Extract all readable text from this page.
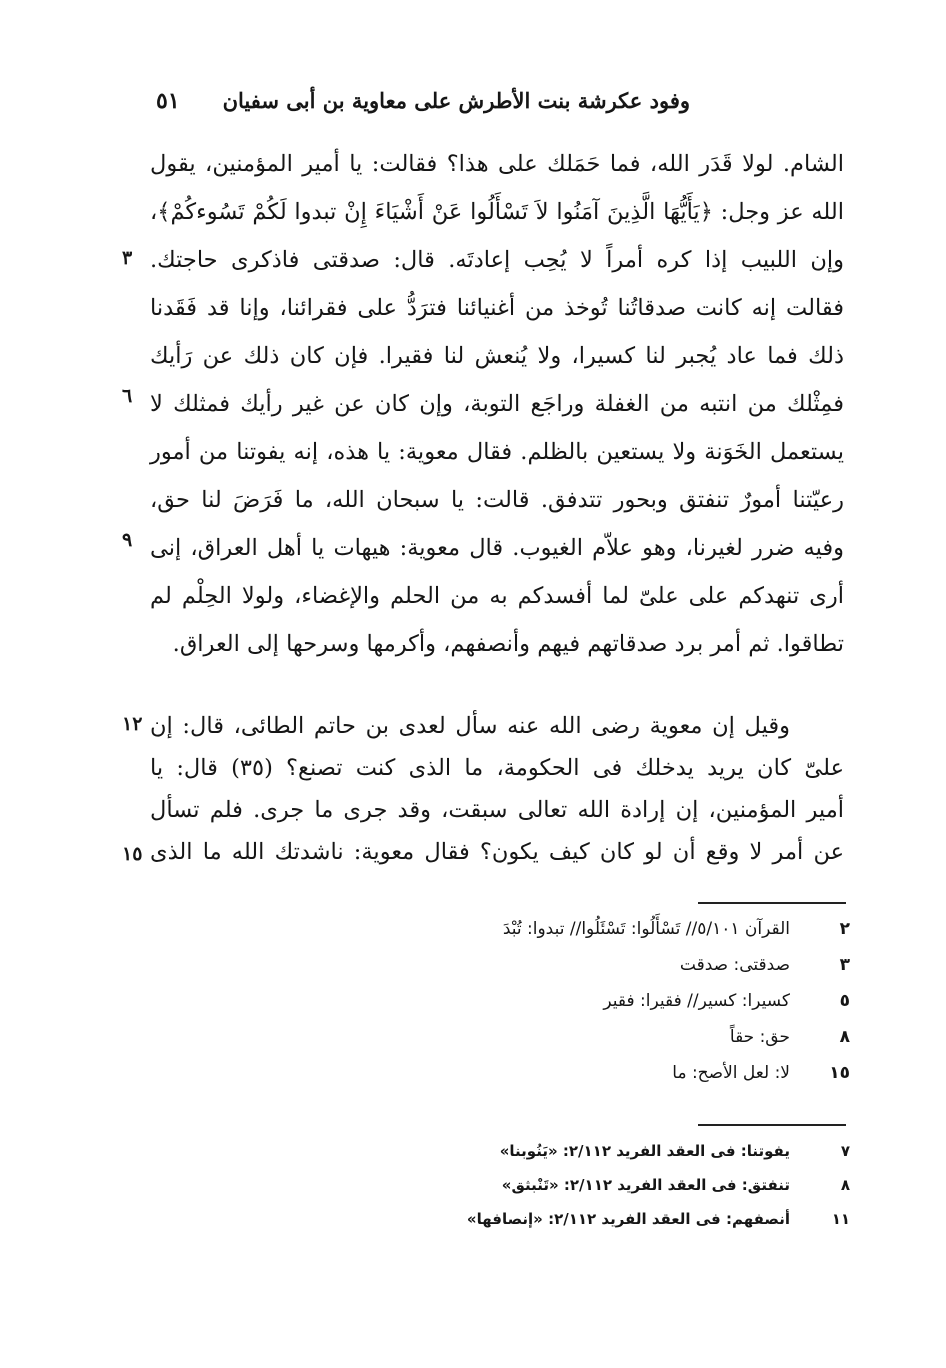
٥١ وفود عكرشة بنت الأطرش على معاوية بن أبى سفيان
الشام. لولا قَدَر الله، فما حَمَلك على هذا؟ فقالت: يا أمير المؤمنين، يقول
الله عز وجل: ﴿يَأَيُّهَا الَّذِينَ آمَنُوا لاَ تَسْأَلُوا عَنْ أَشْيَاءَ إِنْ تبدوا لَكُمْ تَسُوءكُمْ﴾،
وإن اللبيب إذا كره أمراً لا يُحِب إعادتَه. قال: صدقتى فاذكرى حاجتك.
فقالت إنه كانت صدقاتُنا تُوخذ من أغنيائنا فترَدُّ على فقرائنا، وإنا قد فَقَدنا
ذلك فما عاد يُجبر لنا كسيرا، ولا يُنعش لنا فقيرا. فإن كان ذلك عن رَأيك
فمِثْلك من انتبه من الغفلة وراجَع التوبة، وإن كان عن غير رأيك فمثلك لا
يستعمل الخَوَنة ولا يستعين بالظلم. فقال معوية: يا هذه، إنه يفوتنا من أمور
رعيّتنا أمورٌ تنفتق وبحور تتدفق. قالت: يا سبحان الله، ما فَرَضَ لنا حق،
وفيه ضرر لغيرنا، وهو علاّم الغيوب. قال معوية: هيهات يا أهل العراق، إنى
أرى تنهدكم على علىّ لما أفسدكم به من الحلم والإغضاء، ولولا الحِلْم لم
تطاقوا. ثم أمر برد صدقاتهم فيهم وأنصفهم، وأكرمها وسرحها إلى العراق.
وقيل إن معوية رضى الله عنه سأل لعدى بن حاتم الطائى، قال: إن
علىّ كان يريد يدخلك فى الحكومة، ما الذى كنت تصنع؟ (٣٥) قال: يا
أمير المؤمنين، إن إرادة الله تعالى سبقت، وقد جرى ما جرى. فلم تسأل
عن أمر لا وقع أن لو كان كيف يكون؟ فقال معوية: ناشدتك الله ما الذى
٣
٦
٩
١٢
١٥
٢
القرآن ٥/١٠١// تَسْأَلُوا: تَسْئَلُوا// تبدوا: تُبْدَ
٣
صدقتى: صدقت
٥
كسيرا: كسير// فقيرا: فقير
٨
حق: حقاً
١٥
لا: لعل الأصح: ما
٧
يفوتنا: فى العقد الفريد ٢/١١٢: «يَنُوبنا»
٨
تنفتق: فى العقد الفريد ٢/١١٢: «تَنْبثق»
١١
أنصفهم: فى العقد الفريد ٢/١١٢: «إنصافها»
